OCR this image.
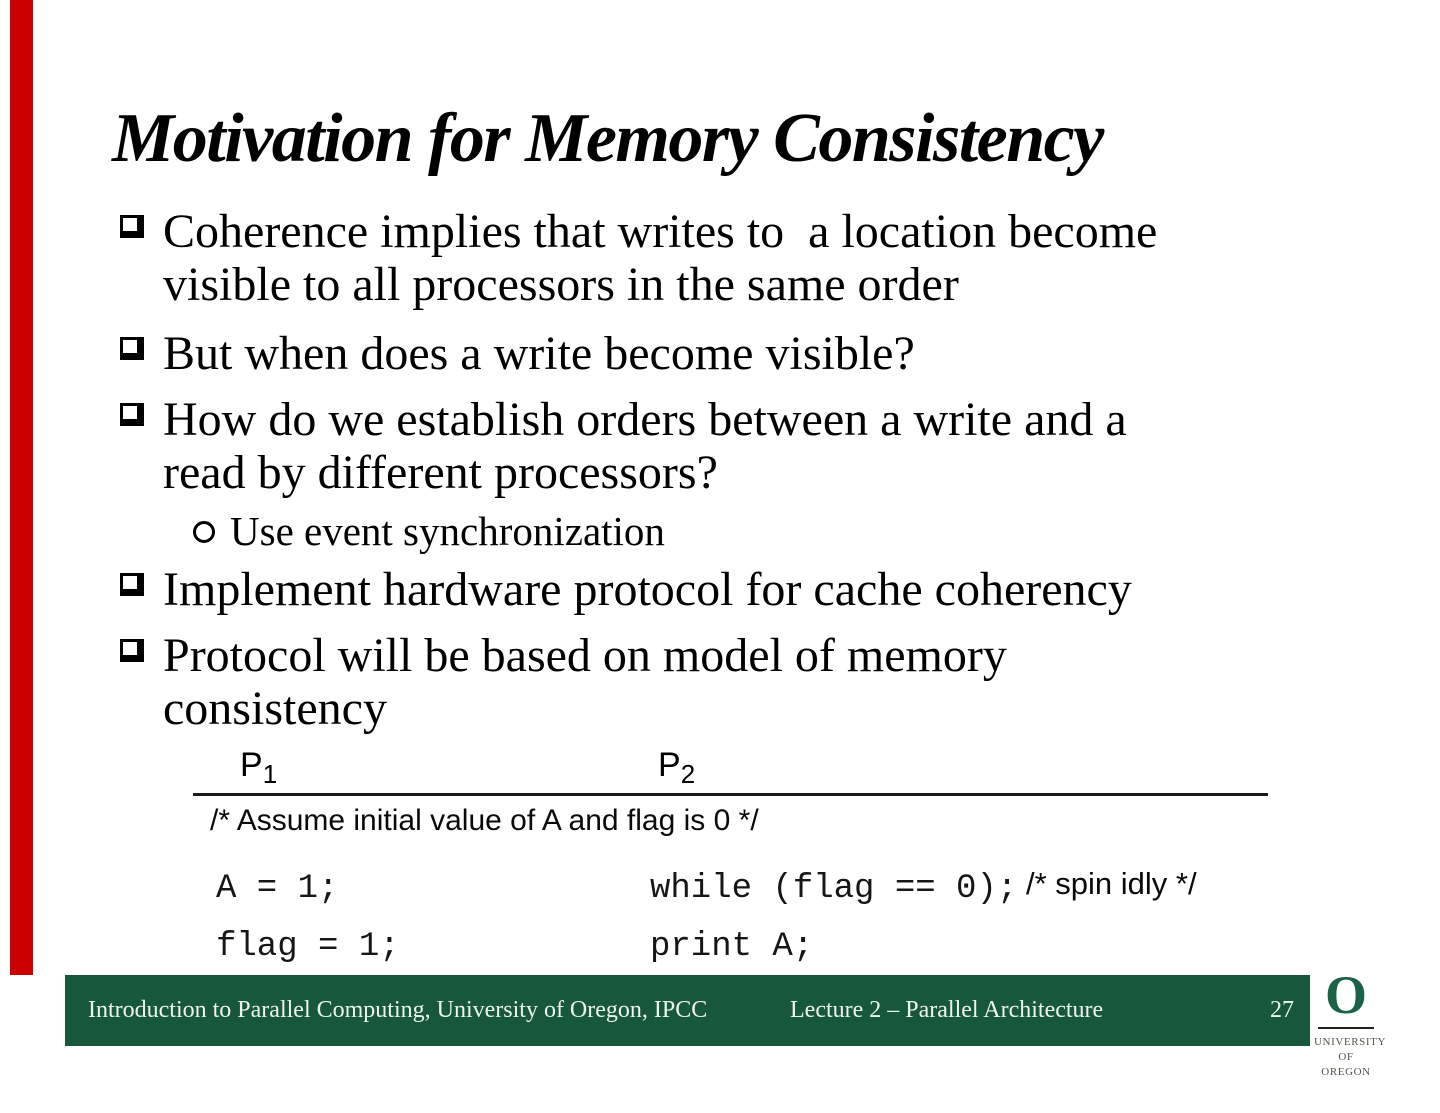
Motivation for Memory Consistency
Coherence implies that writes to  a location become
visible to all processors in the same order
But when does a write become visible?
How do we establish orders between a write and a
read by different processors?
Use event synchronization
Implement hardware protocol for cache coherency
Protocol will be based on model of memory
consistency
$P_1$	$P_2$
/* Assume initial value of A and flag is 0 */
A = 1;	while (flag == 0); /* spin idly */
flag = 1;	print A;
Introduction to Parallel Computing, University of Oregon, IPCC	Lecture 2 – Parallel Architecture	27 O
UNIVERSITY
OF OREGON
